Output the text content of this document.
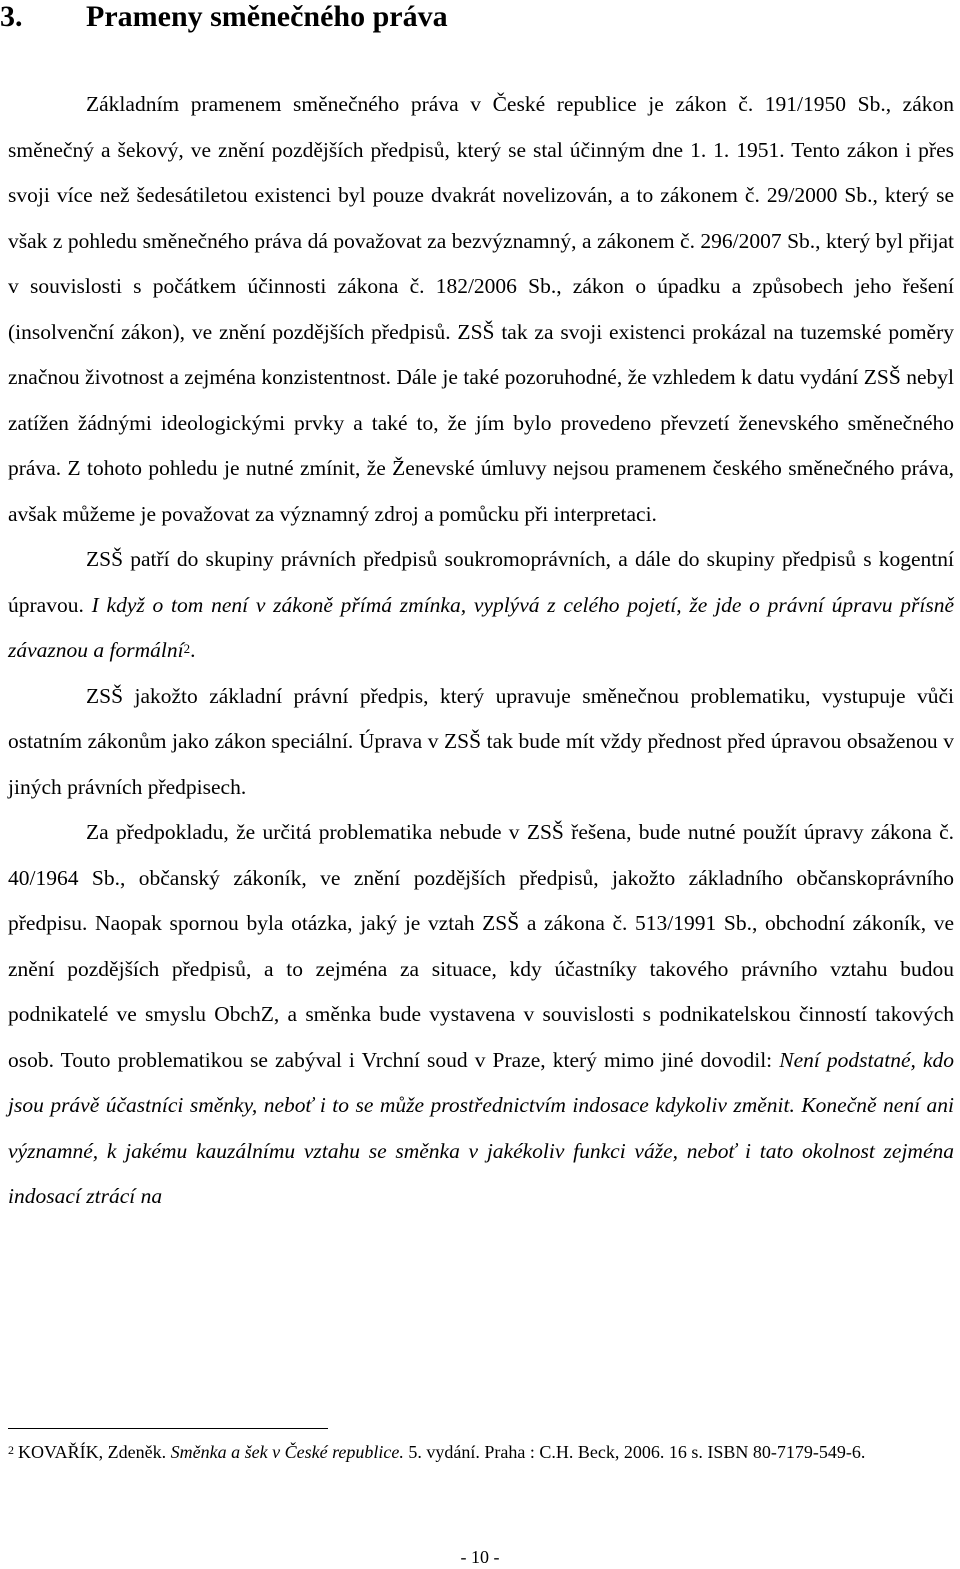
3. Prameny směnečného práva

Základním pramenem směnečného práva v České republice je zákon č. 191/1950 Sb., zákon směnečný a šekový, ve znění pozdějších předpisů, který se stal účinným dne 1. 1. 1951. Tento zákon i přes svoji více než šedesátiletou existenci byl pouze dvakrát novelizován, a to zákonem č. 29/2000 Sb., který se však z pohledu směnečného práva dá považovat za bezvýznamný, a zákonem č. 296/2007 Sb., který byl přijat v souvislosti s počátkem účinnosti zákona č. 182/2006 Sb., zákon o úpadku a způsobech jeho řešení (insolvenční zákon), ve znění pozdějších předpisů. ZSŠ tak za svoji existenci prokázal na tuzemské poměry značnou životnost a zejména konzistentnost. Dále je také pozoruhodné, že vzhledem k datu vydání ZSŠ nebyl zatížen žádnými ideologickými prvky a také to, že jím bylo provedeno převzetí ženevského směnečného práva. Z tohoto pohledu je nutné zmínit, že Ženevské úmluvy nejsou pramenem českého směnečného práva, avšak můžeme je považovat za významný zdroj a pomůcku při interpretaci.

ZSŠ patří do skupiny právních předpisů soukromoprávních, a dále do skupiny předpisů s kogentní úpravou. I když o tom není v zákoně přímá zmínka, vyplývá z celého pojetí, že jde o právní úpravu přísně závaznou a formální$^2$.

ZSŠ jakožto základní právní předpis, který upravuje směnečnou problematiku, vystupuje vůči ostatním zákonům jako zákon speciální. Úprava v ZSŠ tak bude mít vždy přednost před úpravou obsaženou v jiných právních předpisech.

Za předpokladu, že určitá problematika nebude v ZSŠ řešena, bude nutné použít úpravy zákona č. 40/1964 Sb., občanský zákoník, ve znění pozdějších předpisů, jakožto základního občanskoprávního předpisu. Naopak spornou byla otázka, jaký je vztah ZSŠ a zákona č. 513/1991 Sb., obchodní zákoník, ve znění pozdějších předpisů, a to zejména za situace, kdy účastníky takového právního vztahu budou podnikatelé ve smyslu ObchZ, a směnka bude vystavena v souvislosti s podnikatelskou činností takových osob. Touto problematikou se zabýval i Vrchní soud v Praze, který mimo jiné dovodil: Není podstatné, kdo jsou právě účastníci směnky, neboť i to se může prostřednictvím indosace kdykoliv změnit. Konečně není ani významné, k jakému kauzálnímu vztahu se směnka v jakékoliv funkci váže, neboť i tato okolnost zejména indosací ztrácí na

$^2$ KOVAŘÍK, Zdeněk. Směnka a šek v České republice. 5. vydání. Praha : C.H. Beck, 2006. 16 s. ISBN 80-7179-549-6.
- 10 -
